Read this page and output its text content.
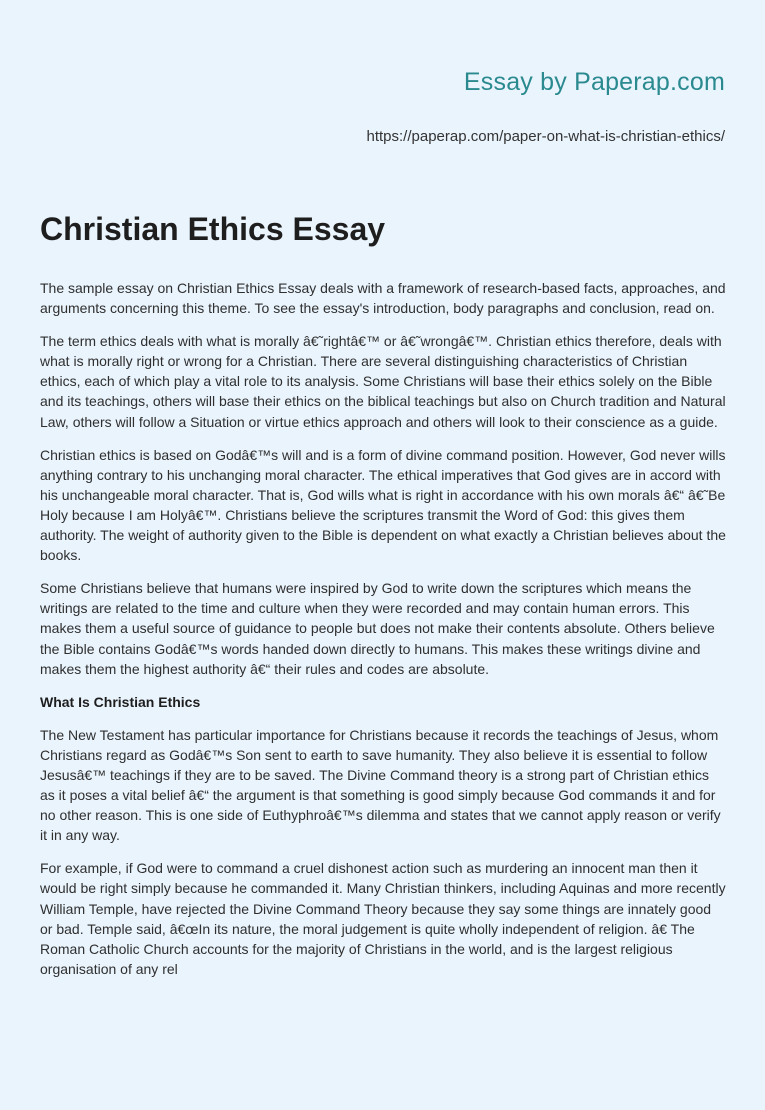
Essay by Paperap.com
https://paperap.com/paper-on-what-is-christian-ethics/
Christian Ethics Essay

The sample essay on Christian Ethics Essay deals with a framework of research-based facts, approaches, and arguments concerning this theme. To see the essay's introduction, body paragraphs and conclusion, read on.

The term ethics deals with what is morally â€˜rightâ€™ or â€˜wrongâ€™. Christian ethics therefore, deals with what is morally right or wrong for a Christian. There are several distinguishing characteristics of Christian ethics, each of which play a vital role to its analysis. Some Christians will base their ethics solely on the Bible and its teachings, others will base their ethics on the biblical teachings but also on Church tradition and Natural Law, others will follow a Situation or virtue ethics approach and others will look to their conscience as a guide.

Christian ethics is based on Godâ€™s will and is a form of divine command position. However, God never wills anything contrary to his unchanging moral character. The ethical imperatives that God gives are in accord with his unchangeable moral character. That is, God wills what is right in accordance with his own morals â€“ â€˜Be Holy because I am Holyâ€™. Christians believe the scriptures transmit the Word of God: this gives them authority. The weight of authority given to the Bible is dependent on what exactly a Christian believes about the books.

Some Christians believe that humans were inspired by God to write down the scriptures which means the writings are related to the time and culture when they were recorded and may contain human errors. This makes them a useful source of guidance to people but does not make their contents absolute. Others believe the Bible contains Godâ€™s words handed down directly to humans. This makes these writings divine and makes them the highest authority â€“ their rules and codes are absolute.

What Is Christian Ethics

The New Testament has particular importance for Christians because it records the teachings of Jesus, whom Christians regard as Godâ€™s Son sent to earth to save humanity. They also believe it is essential to follow Jesusâ€™ teachings if they are to be saved. The Divine Command theory is a strong part of Christian ethics as it poses a vital belief â€“ the argument is that something is good simply because God commands it and for no other reason. This is one side of Euthyphroâ€™s dilemma and states that we cannot apply reason or verify it in any way.

For example, if God were to command a cruel dishonest action such as murdering an innocent man then it would be right simply because he commanded it. Many Christian thinkers, including Aquinas and more recently William Temple, have rejected the Divine Command Theory because they say some things are innately good or bad. Temple said, â€œIn its nature, the moral judgement is quite wholly independent of religion. â€ The Roman Catholic Church accounts for the majority of Christians in the world, and is the largest religious organisation of any rel
